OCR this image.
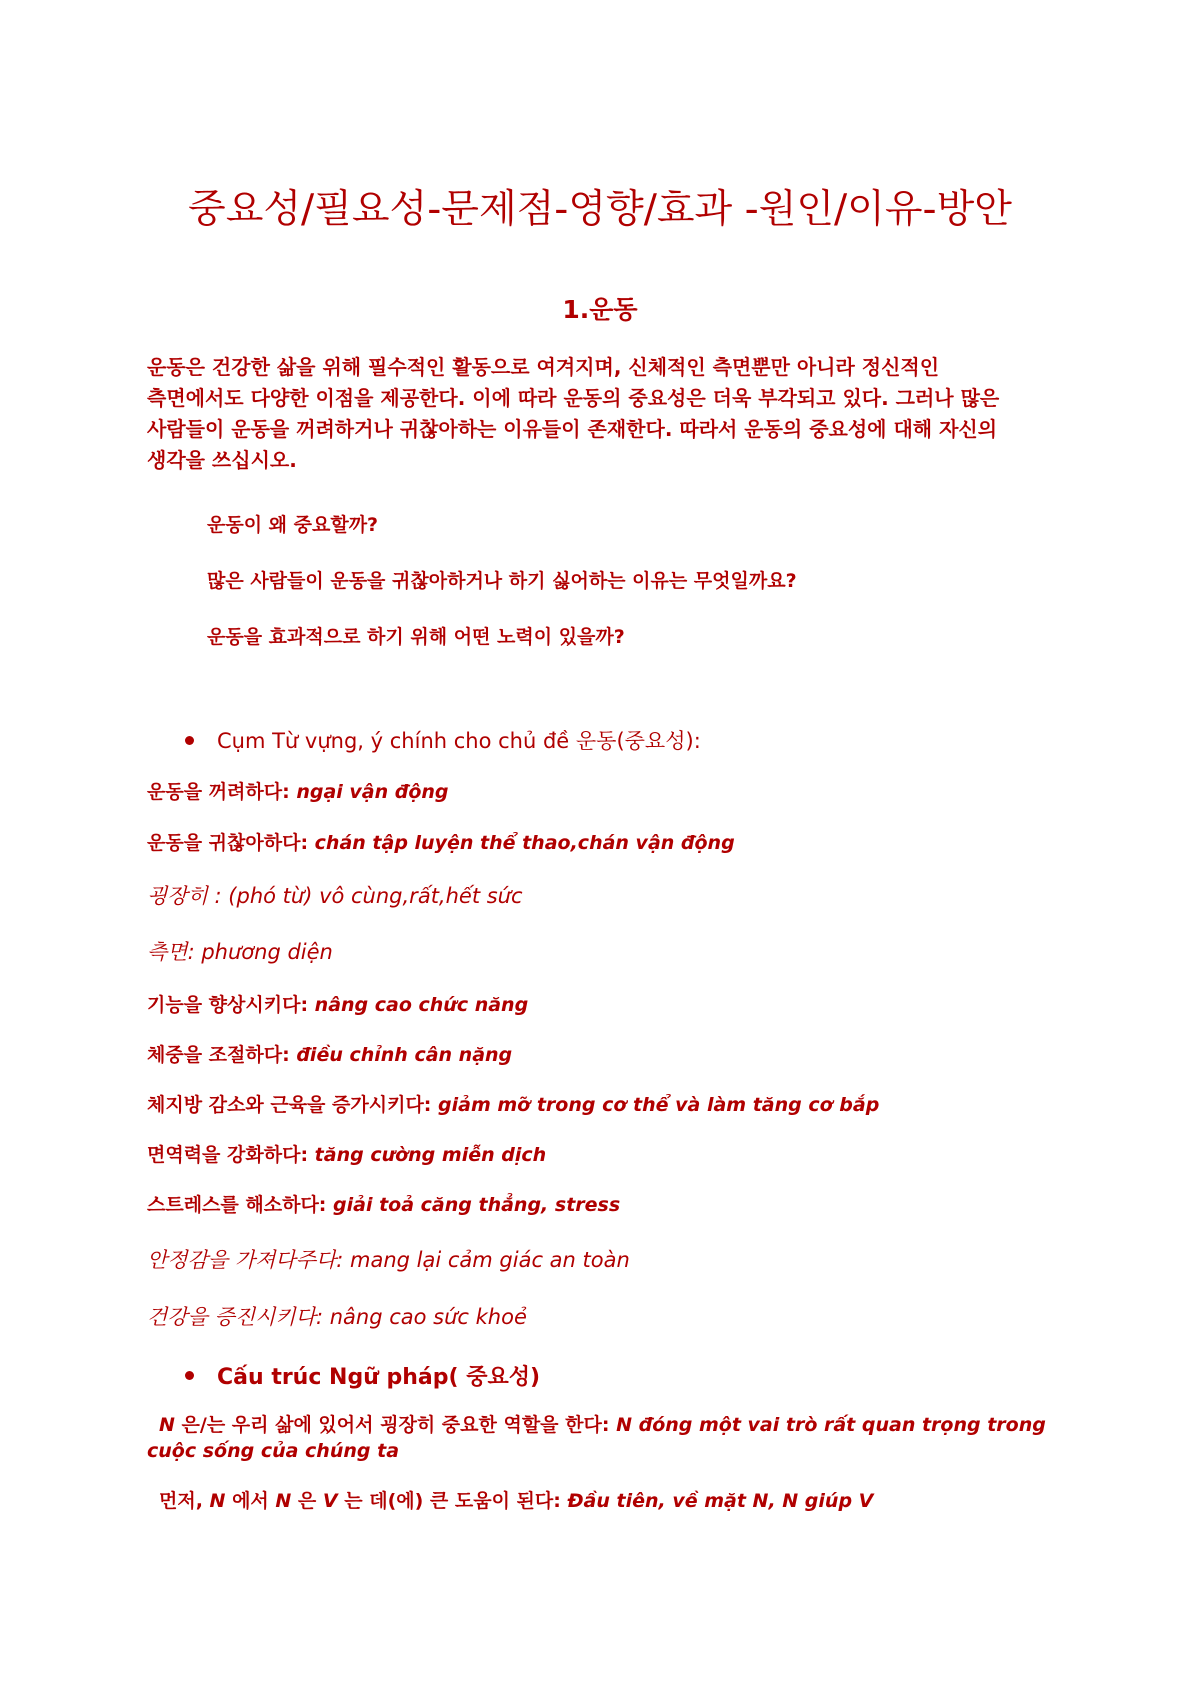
중요성/필요성-문제점-영향/효과 -원인/이유-방안
1.운동
운동은 건강한 삶을 위해 필수적인 활동으로 여겨지며, 신체적인 측면뿐만 아니라 정신적인
측면에서도 다양한 이점을 제공한다. 이에 따라 운동의 중요성은 더욱 부각되고 있다. 그러나 많은
사람들이 운동을 꺼려하거나 귀찮아하는 이유들이 존재한다. 따라서 운동의 중요성에 대해 자신의
생각을 쓰십시오.
운동이 왜 중요할까?
많은 사람들이 운동을 귀찮아하거나 하기 싫어하는 이유는 무엇일까요?
운동을 효과적으로 하기 위해 어떤 노력이 있을까?
Cụm Từ vựng, ý chính cho chủ đề 운동(중요성):
운동을 꺼려하다: ngại vận động
운동을 귀찮아하다: chán tập luyện thể thao,chán vận động
굉장히 : (phó từ) vô cùng,rất,hết sức
측면: phương diện
기능을 향상시키다: nâng cao chức năng
체중을 조절하다: điều chỉnh cân nặng
체지방 감소와 근육을 증가시키다: giảm mỡ trong cơ thể và làm tăng cơ bắp
면역력을 강화하다: tăng cường miễn dịch
스트레스를 해소하다: giải toả căng thẳng, stress
안정감을 가져다주다: mang lại cảm giác an toàn
건강을 증진시키다: nâng cao sức khoẻ
Cấu trúc Ngữ pháp( 중요성)
N 은/는 우리 삶에 있어서 굉장히 중요한 역할을 한다: N đóng một vai trò rất quan trọng trong cuộc sống của chúng ta
먼저, N 에서 N 은 V 는 데(에) 큰 도움이 된다: Đầu tiên, về mặt N, N giúp V
